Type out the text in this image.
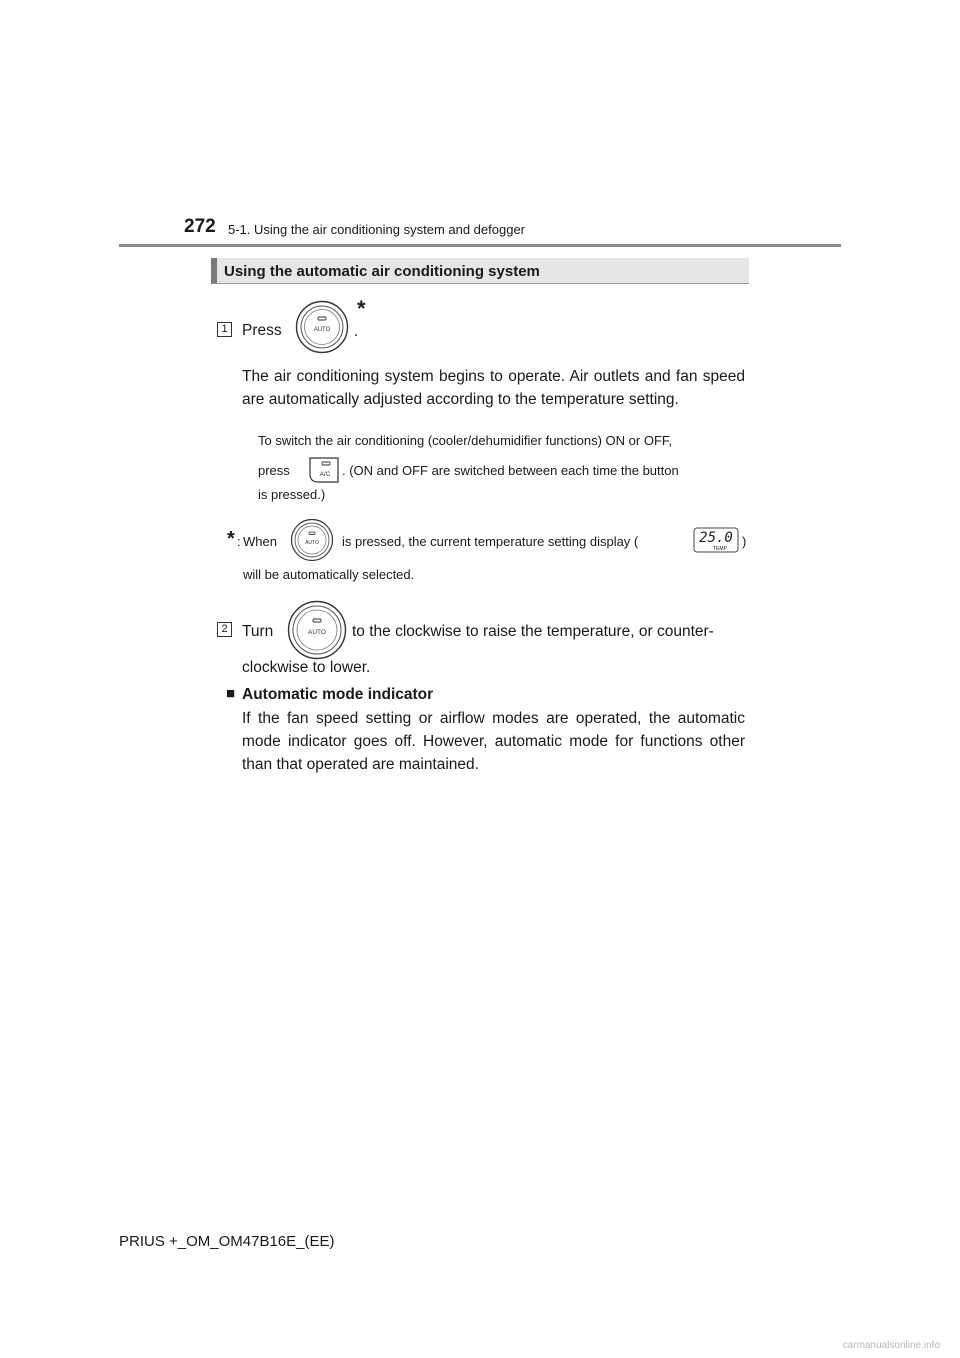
272 5-1. Using the air conditioning system and defogger
Using the automatic air conditioning system
1 Press	AUTO
*
.
The air conditioning system begins to operate. Air outlets and fan speed are automatically adjusted according to the temperature setting.
To switch the air conditioning (cooler/dehumidifier functions) ON or OFF,
press	A/C . (ON and OFF are switched between each time the button
is pressed.)
* : When	AUTO is pressed, the current temperature setting display (	25.0
TEMP )
will be automatically selected.
2 Turn	AUTO to the clockwise to raise the temperature, or counter-
clockwise to lower.
■ Automatic mode indicator
If the fan speed setting or airflow modes are operated, the automatic mode indicator goes off. However, automatic mode for functions other than that operated are maintained.
PRIUS +_OM_OM47B16E_(EE)
carmanualsonline.info
